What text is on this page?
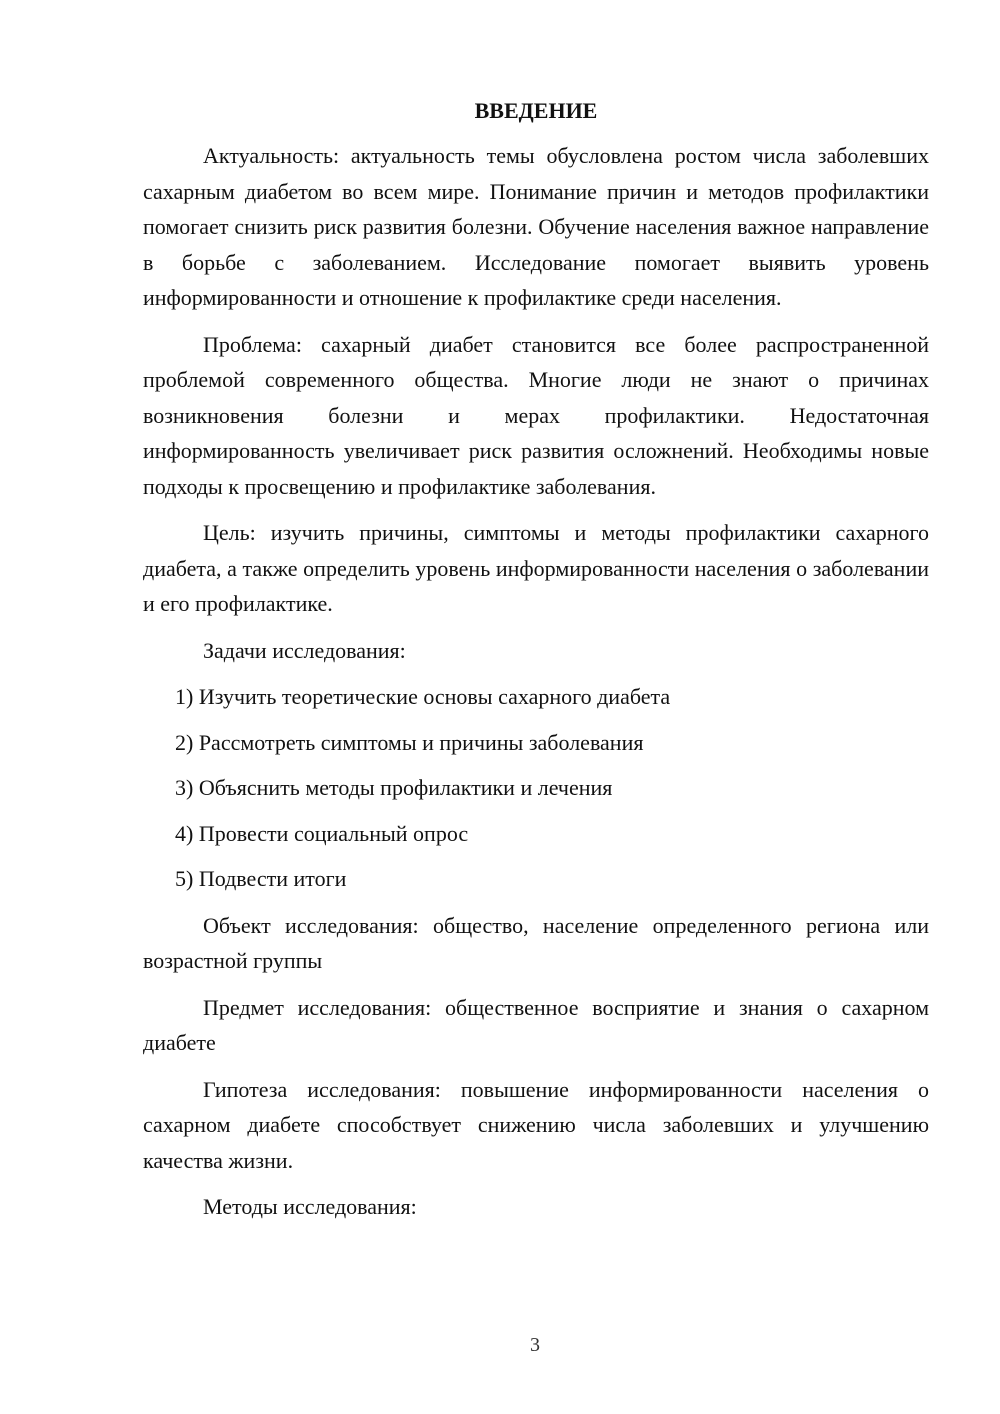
ВВЕДЕНИЕ

Актуальность: актуальность темы обусловлена ростом числа заболевших сахарным диабетом во всем мире. Понимание причин и методов профилактики помогает снизить риск развития болезни. Обучение населения важное направление в борьбе с заболеванием. Исследование помогает выявить уровень информированности и отношение к профилактике среди населения.

Проблема: сахарный диабет становится все более распространенной проблемой современного общества. Многие люди не знают о причинах возникновения болезни и мерах профилактики. Недостаточная информированность увеличивает риск развития осложнений. Необходимы новые подходы к просвещению и профилактике заболевания.

Цель: изучить причины, симптомы и методы профилактики сахарного диабета, а также определить уровень информированности населения о заболевании и его профилактике.

Задачи исследования:

1) Изучить теоретические основы сахарного диабета
2) Рассмотреть симптомы и причины заболевания
3) Объяснить методы профилактики и лечения
4) Провести социальный опрос
5) Подвести итоги

Объект исследования: общество, население определенного региона или возрастной группы

Предмет исследования: общественное восприятие и знания о сахарном диабете

Гипотеза исследования: повышение информированности населения о сахарном диабете способствует снижению числа заболевших и улучшению качества жизни.

Методы исследования:

3
